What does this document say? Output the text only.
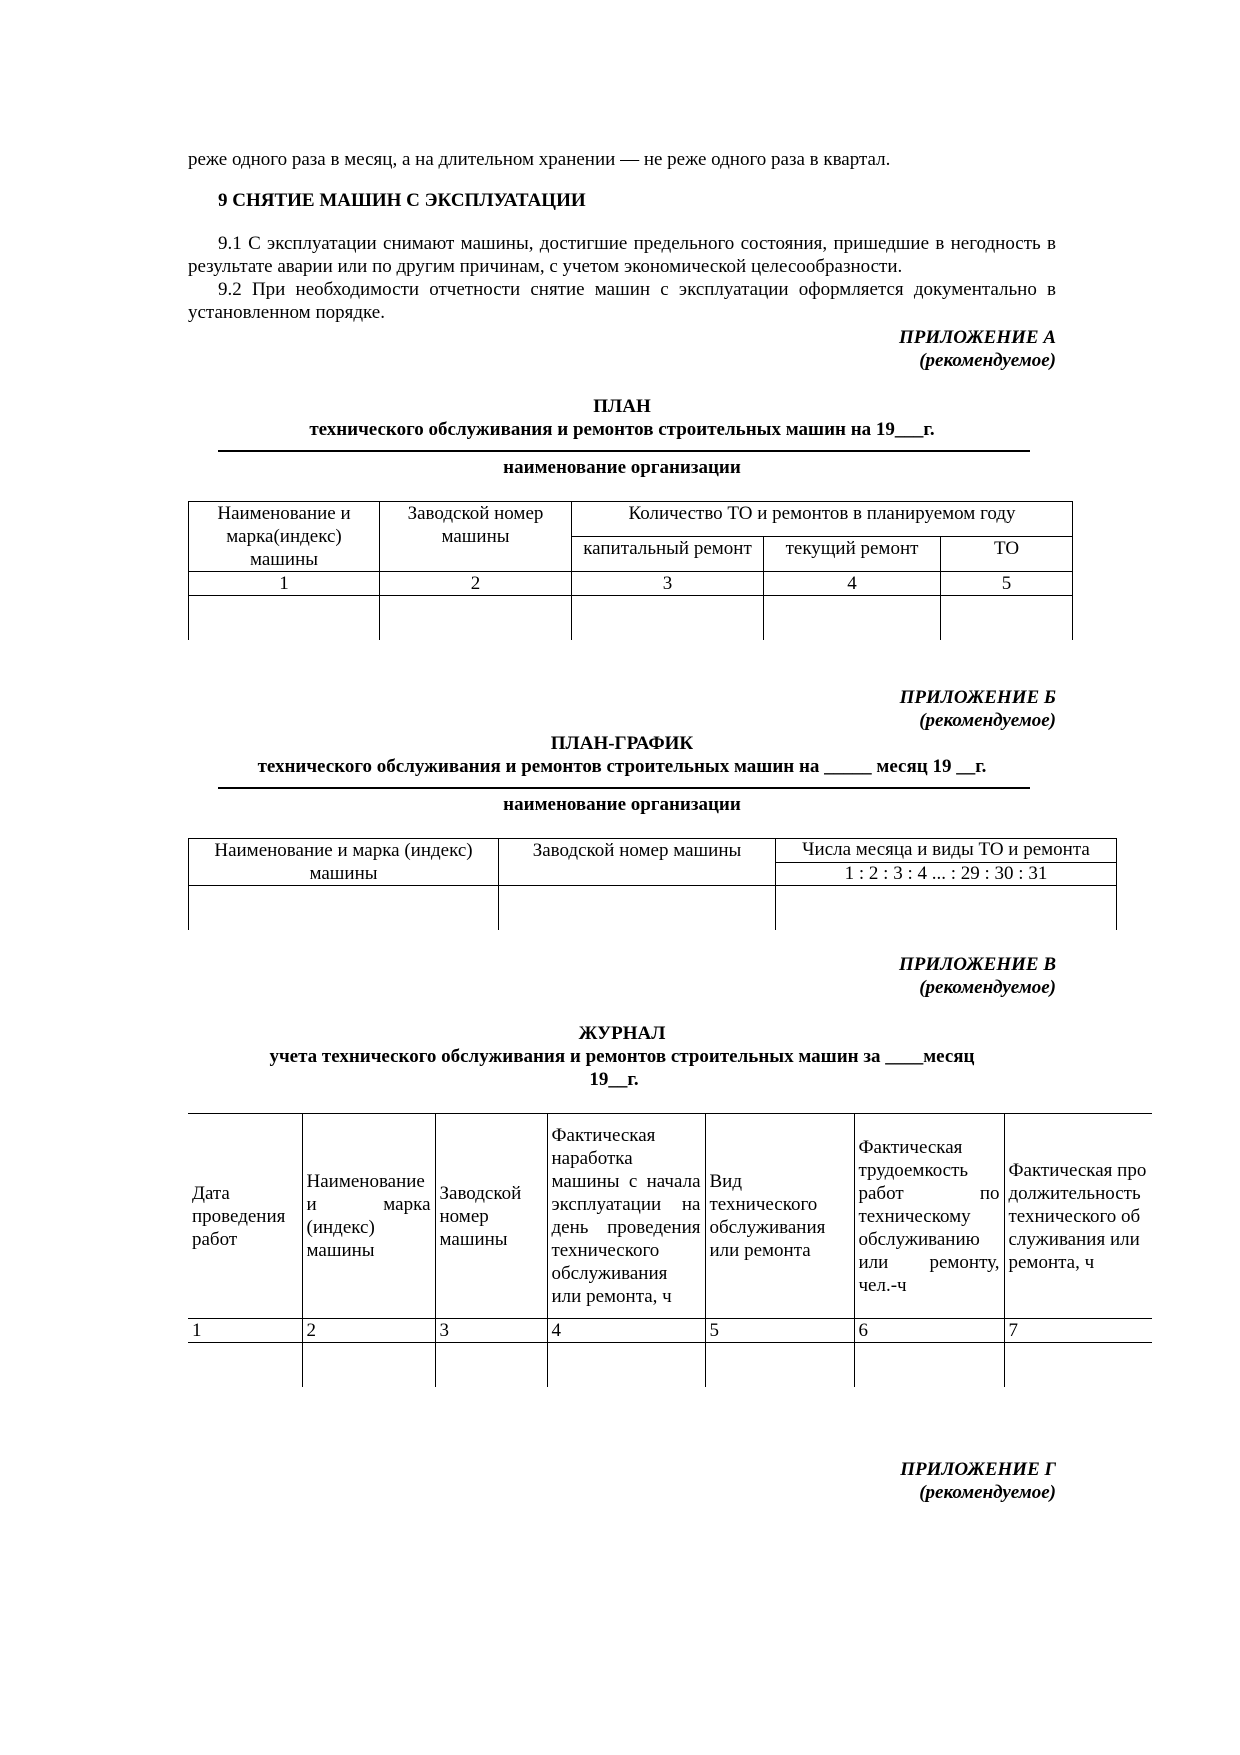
реже одного раза в месяц, а на длительном хранении — не реже одного раза в квартал.

9 СНЯТИЕ МАШИН С ЭКСПЛУАТАЦИИ

9.1 С эксплуатации снимают машины, достигшие предельного состояния, пришедшие в негодность в результате аварии или по другим причинам, с учетом экономической целесообразности.

9.2 При необходимости отчетности снятие машин с эксплуатации оформляется документально в установленном порядке.

ПРИЛОЖЕНИЕ А

(рекомендуемое)

ПЛАН

технического обслуживания и ремонтов строительных машин на 19___г.

наименование организации

Наименование и марка(индекс) машины	Заводской номер машины	Количество ТО и ремонтов в планируемом году		
		капитальный ремонт	текущий ремонт	ТО
1	2	3	4	5

ПРИЛОЖЕНИЕ Б

(рекомендуемое)

ПЛАН-ГРАФИК

технического обслуживания и ремонтов строительных машин на _____ месяц 19 __г.

наименование организации

Наименование и марка (индекс) машины	Заводской номер машины	Числа месяца и виды ТО и ремонта
		1 : 2 : 3 : 4 ... : 29 : 30 : 31

ПРИЛОЖЕНИЕ В

(рекомендуемое)

ЖУРНАЛ

учета технического обслуживания и ремонтов строительных машин за ____месяц

19__г.

Дата проведения работ	Наименование и марка (индекс) машины	Заводской номер машины	Фактическая наработка машины с начала эксплуатации на день проведения технического обслуживания или ремонта, ч	Вид технического обслуживания или ремонта	Фактическая трудоемкость работ по техническому обслуживанию или ремонту, чел.-ч	Фактическая продолжительность технического обслуживания или ремонта, ч
1	2	3	4	5	6	7

ПРИЛОЖЕНИЕ Г

(рекомендуемое)
